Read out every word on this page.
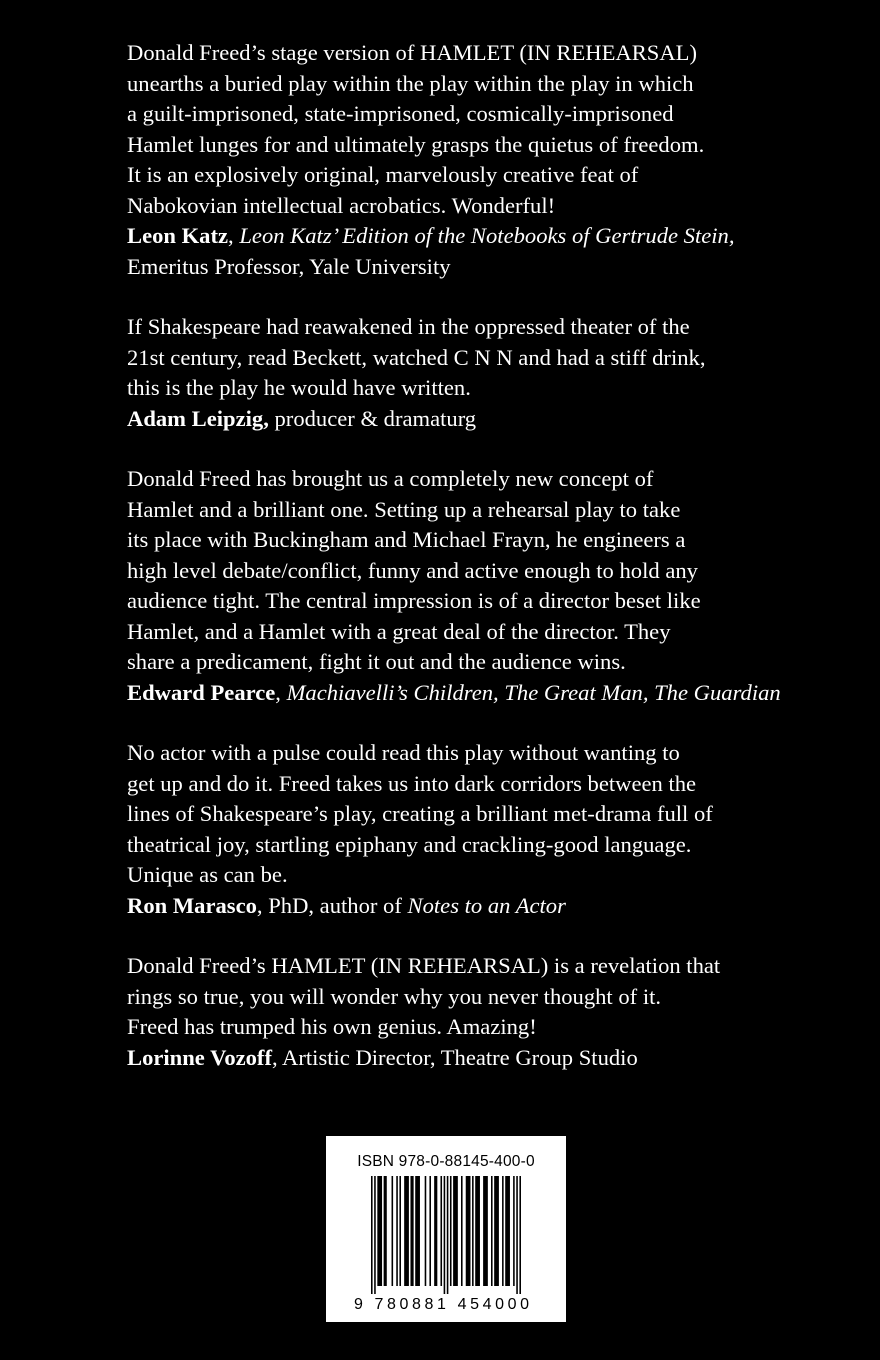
Donald Freed’s stage version of HAMLET (IN REHEARSAL)
unearths a buried play within the play within the play in which
a guilt-imprisoned, state-imprisoned, cosmically-imprisoned
Hamlet lunges for and ultimately grasps the quietus of freedom.
It is an explosively original, marvelously creative feat of
Nabokovian intellectual acrobatics. Wonderful!

Leon Katz, Leon Katz’ Edition of the Notebooks of Gertrude Stein,
Emeritus Professor, Yale University

If Shakespeare had reawakened in the oppressed theater of the
21st century, read Beckett, watched C N N and had a stiff drink,
this is the play he would have written.

Adam Leipzig, producer & dramaturg

Donald Freed has brought us a completely new concept of
Hamlet and a brilliant one. Setting up a rehearsal play to take
its place with Buckingham and Michael Frayn, he engineers a
high level debate/conflict, funny and active enough to hold any
audience tight. The central impression is of a director beset like
Hamlet, and a Hamlet with a great deal of the director. They
share a predicament, fight it out and the audience wins.

Edward Pearce, Machiavelli’s Children, The Great Man, The Guardian

No actor with a pulse could read this play without wanting to
get up and do it. Freed takes us into dark corridors between the
lines of Shakespeare’s play, creating a brilliant met-drama full of
theatrical joy, startling epiphany and crackling-good language.
Unique as can be.

Ron Marasco, PhD, author of Notes to an Actor

Donald Freed’s HAMLET (IN REHEARSAL) is a revelation that
rings so true, you will wonder why you never thought of it.
Freed has trumped his own genius. Amazing!

Lorinne Vozoff, Artistic Director, Theatre Group Studio
ISBN 978-0-88145-400-0
9 780881 454000
